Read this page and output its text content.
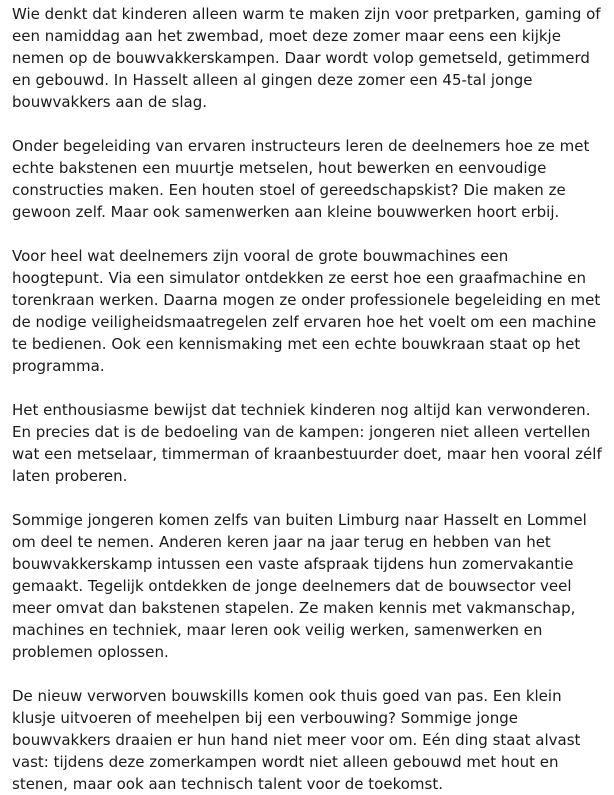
Wie denkt dat kinderen alleen warm te maken zijn voor pretparken, gaming of een namiddag aan het zwembad, moet deze zomer maar eens een kijkje nemen op de bouwvakkerskampen. Daar wordt volop gemetseld, getimmerd en gebouwd. In Hasselt alleen al gingen deze zomer een 45-tal jonge bouwvakkers aan de slag.

Onder begeleiding van ervaren instructeurs leren de deelnemers hoe ze met echte bakstenen een muurtje metselen, hout bewerken en eenvoudige constructies maken. Een houten stoel of gereedschapskist? Die maken ze gewoon zelf. Maar ook samenwerken aan kleine bouwwerken hoort erbij.

Voor heel wat deelnemers zijn vooral de grote bouwmachines een hoogtepunt. Via een simulator ontdekken ze eerst hoe een graafmachine en torenkraan werken. Daarna mogen ze onder professionele begeleiding en met de nodige veiligheidsmaatregelen zelf ervaren hoe het voelt om een machine te bedienen. Ook een kennismaking met een echte bouwkraan staat op het programma.

Het enthousiasme bewijst dat techniek kinderen nog altijd kan verwonderen. En precies dat is de bedoeling van de kampen: jongeren niet alleen vertellen wat een metselaar, timmerman of kraanbestuurder doet, maar hen vooral zélf laten proberen.

Sommige jongeren komen zelfs van buiten Limburg naar Hasselt en Lommel om deel te nemen. Anderen keren jaar na jaar terug en hebben van het bouwvakkerskamp intussen een vaste afspraak tijdens hun zomervakantie gemaakt. Tegelijk ontdekken de jonge deelnemers dat de bouwsector veel meer omvat dan bakstenen stapelen. Ze maken kennis met vakmanschap, machines en techniek, maar leren ook veilig werken, samenwerken en problemen oplossen.

De nieuw verworven bouwskills komen ook thuis goed van pas. Een klein klusje uitvoeren of meehelpen bij een verbouwing? Sommige jonge bouwvakkers draaien er hun hand niet meer voor om. Eén ding staat alvast vast: tijdens deze zomerkampen wordt niet alleen gebouwd met hout en stenen, maar ook aan technisch talent voor de toekomst.
